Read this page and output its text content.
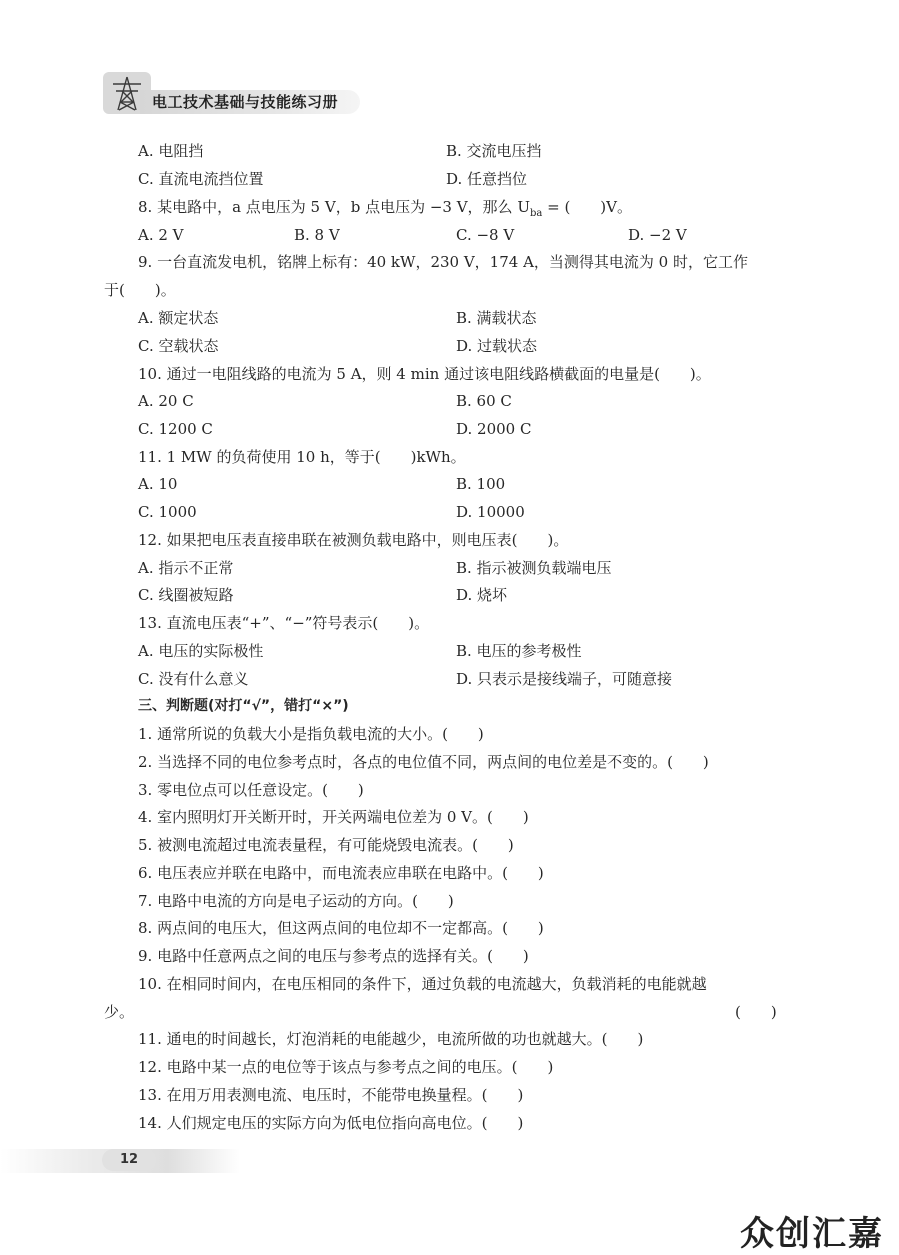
电工技术基础与技能练习册
A. 电阻挡	B. 交流电压挡
C. 直流电流挡位置	D. 任意挡位
8. 某电路中，a 点电压为 5 V，b 点电压为 −3 V，那么 $U_{ba}$ = (　　)V。
A. 2 V	B. 8 V	C. −8 V	D. −2 V
9. 一台直流发电机，铭牌上标有：40 kW，230 V，174 A，当测得其电流为 0 时，它工作
于(　　)。
A. 额定状态	B. 满载状态
C. 空载状态	D. 过载状态
10. 通过一电阻线路的电流为 5 A，则 4 min 通过该电阻线路横截面的电量是(　　)。
A. 20 C	B. 60 C
C. 1200 C	D. 2000 C
11. 1 MW 的负荷使用 10 h，等于(　　)kWh。
A. 10	B. 100
C. 1000	D. 10000
12. 如果把电压表直接串联在被测负载电路中，则电压表(　　)。
A. 指示不正常	B. 指示被测负载端电压
C. 线圈被短路	D. 烧坏
13. 直流电压表“+”、“−”符号表示(　　)。
A. 电压的实际极性	B. 电压的参考极性
C. 没有什么意义	D. 只表示是接线端子，可随意接
三、判断题(对打“√”，错打“×”)
1. 通常所说的负载大小是指负载电流的大小。(　　)
2. 当选择不同的电位参考点时，各点的电位值不同，两点间的电位差是不变的。(　　)
3. 零电位点可以任意设定。(　　)
4. 室内照明灯开关断开时，开关两端电位差为 0 V。(　　)
5. 被测电流超过电流表量程，有可能烧毁电流表。(　　)
6. 电压表应并联在电路中，而电流表应串联在电路中。(　　)
7. 电路中电流的方向是电子运动的方向。(　　)
8. 两点间的电压大，但这两点间的电位却不一定都高。(　　)
9. 电路中任意两点之间的电压与参考点的选择有关。(　　)
10. 在相同时间内，在电压相同的条件下，通过负载的电流越大，负载消耗的电能就越
少。	(　　)
11. 通电的时间越长，灯泡消耗的电能越少，电流所做的功也就越大。(　　)
12. 电路中某一点的电位等于该点与参考点之间的电压。(　　)
13. 在用万用表测电流、电压时，不能带电换量程。(　　)
14. 人们规定电压的实际方向为低电位指向高电位。(　　)
12
众创汇嘉
